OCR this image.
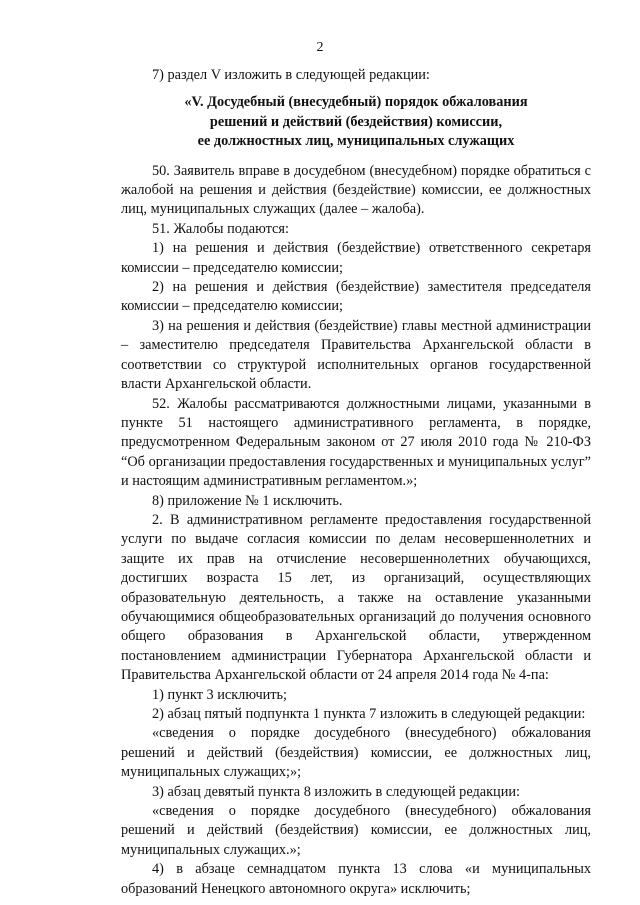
2

7) раздел V изложить в следующей редакции:

«V. Досудебный (внесудебный) порядок обжалования
решений и действий (бездействия) комиссии,
ее должностных лиц, муниципальных служащих

50. Заявитель вправе в досудебном (внесудебном) порядке обратиться с жалобой на решения и действия (бездействие) комиссии, ее должностных лиц, муниципальных служащих (далее – жалоба).

51. Жалобы подаются:

1) на решения и действия (бездействие) ответственного секретаря комиссии – председателю комиссии;

2) на решения и действия (бездействие) заместителя председателя комиссии – председателю комиссии;

3) на решения и действия (бездействие) главы местной администрации – заместителю председателя Правительства Архангельской области в соответствии со структурой исполнительных органов государственной власти Архангельской области.

52. Жалобы рассматриваются должностными лицами, указанными в пункте 51 настоящего административного регламента, в порядке, предусмотренном Федеральным законом от 27 июля 2010 года № 210-ФЗ “Об организации предоставления государственных и муниципальных услуг” и настоящим административным регламентом.»;

8) приложение № 1 исключить.

2. В административном регламенте предоставления государственной услуги по выдаче согласия комиссии по делам несовершеннолетних и защите их прав на отчисление несовершеннолетних обучающихся, достигших возраста 15 лет, из организаций, осуществляющих образовательную деятельность, а также на оставление указанными обучающимися общеобразовательных организаций до получения основного общего образования в Архангельской области, утвержденном постановлением администрации Губернатора Архангельской области и Правительства Архангельской области от 24 апреля 2014 года № 4-па:

1) пункт 3 исключить;

2) абзац пятый подпункта 1 пункта 7 изложить в следующей редакции:

«сведения о порядке досудебного (внесудебного) обжалования решений и действий (бездействия) комиссии, ее должностных лиц, муниципальных служащих;»;

3) абзац девятый пункта 8 изложить в следующей редакции:

«сведения о порядке досудебного (внесудебного) обжалования решений и действий (бездействия) комиссии, ее должностных лиц, муниципальных служащих.»;

4) в абзаце семнадцатом пункта 13 слова «и муниципальных образований Ненецкого автономного округа» исключить;
